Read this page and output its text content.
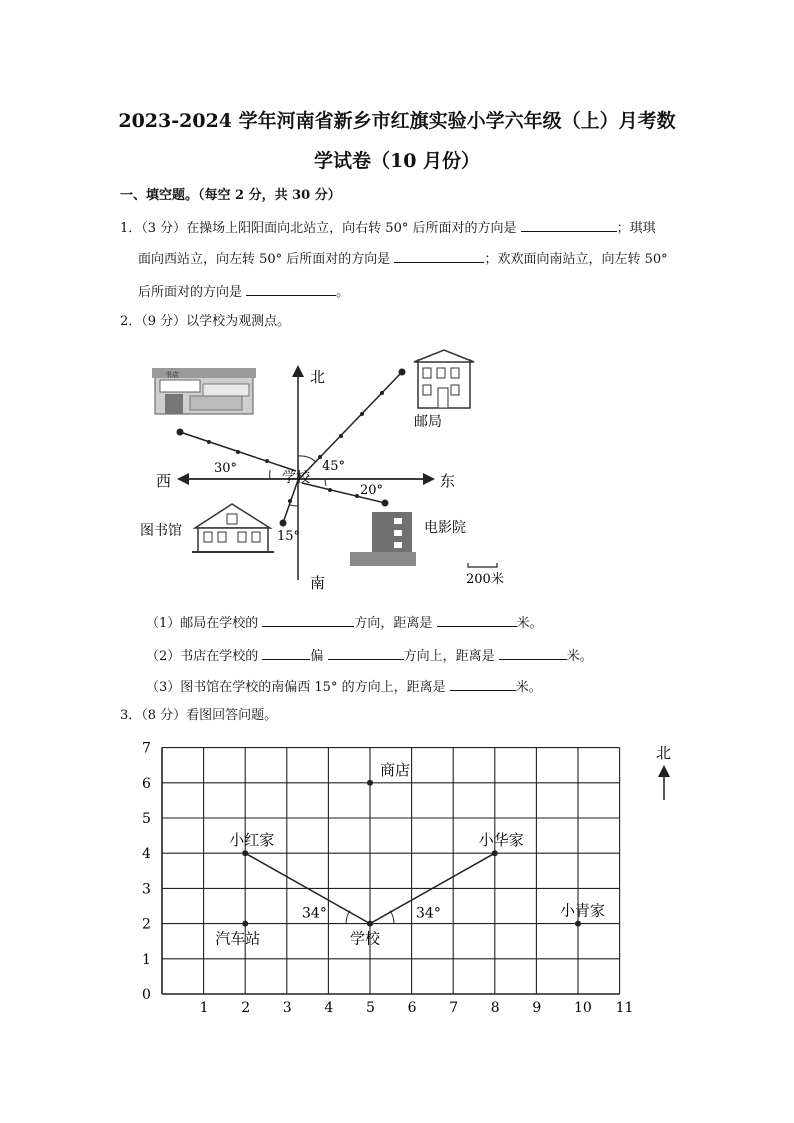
2023-2024 学年河南省新乡市红旗实验小学六年级（上）月考数
学试卷（10 月份）
一、填空题。（每空 2 分，共 30 分）
1．（3 分）在操场上阳阳面向北站立，向右转 50° 后所面对的方向是	；琪琪
面向西站立，向左转 50° 后所面对的方向是	；欢欢面向南站立，向左转 50°
后所面对的方向是	。
2．（9 分）以学校为观测点。
北
南
东
西	学校
邮局
图书馆	电影院
30°	45°
20°
15°
200米
书店
（1）邮局在学校的	方向，距离是	米。
（2）书店在学校的	偏	方向上，距离是	米。
（3）图书馆在学校的南偏西 15° 的方向上，距离是	米。
3．（8 分）看图回答问题。
1 2 3 4 5 6 7 8 9 10 11
0
1
2
3
4
5
6
7
商店
小红家	小华家
小青家
汽车站	学校
34°	34°
北
